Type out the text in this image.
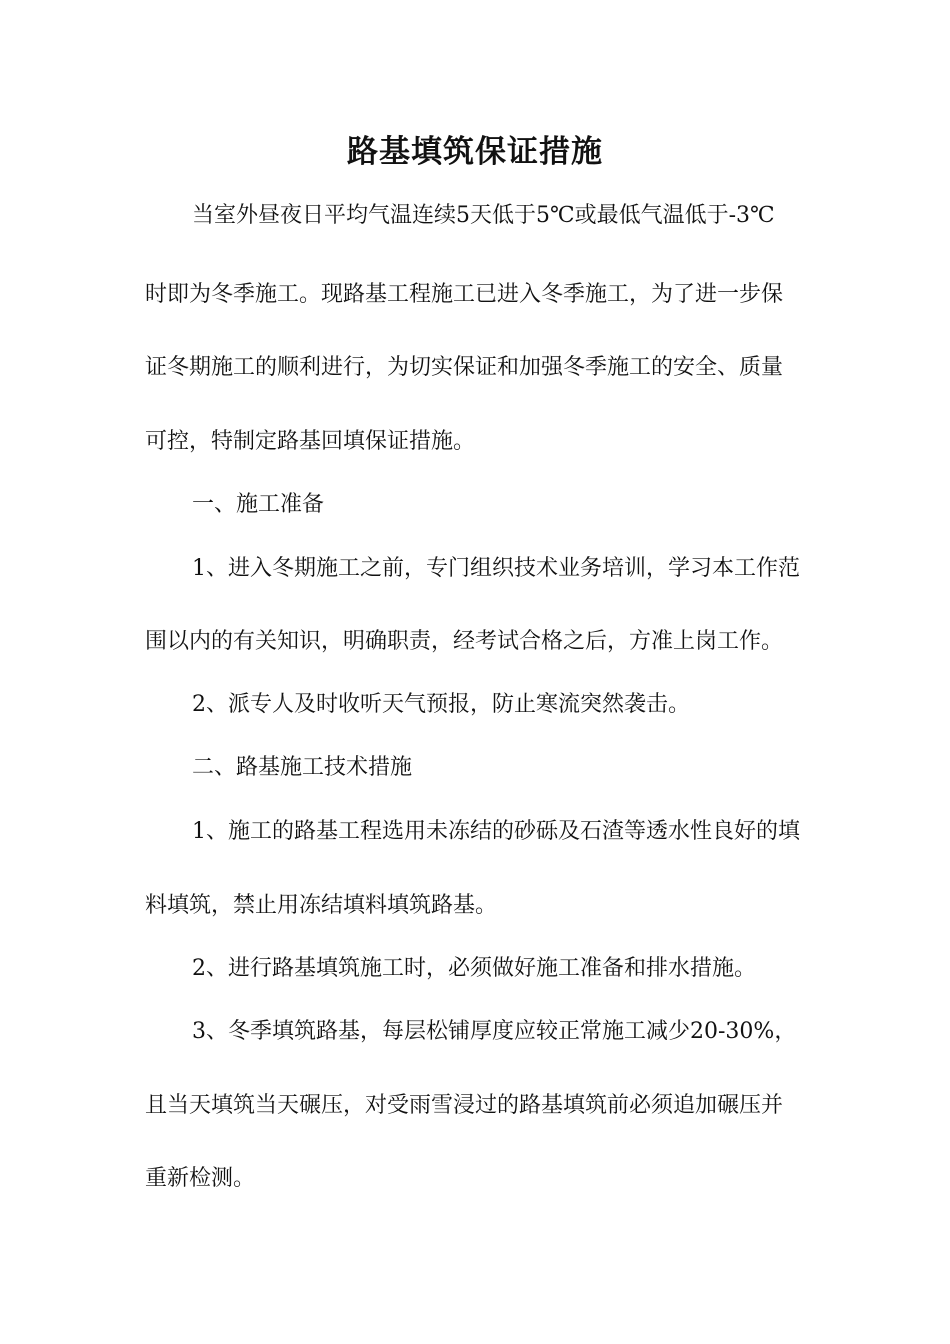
路基填筑保证措施
当室外昼夜日平均气温连续5天低于5℃或最低气温低于-3℃
时即为冬季施工。现路基工程施工已进入冬季施工，为了进一步保
证冬期施工的顺利进行，为切实保证和加强冬季施工的安全、质量
可控，特制定路基回填保证措施。
一、施工准备
1、进入冬期施工之前，专门组织技术业务培训，学习本工作范
围以内的有关知识，明确职责，经考试合格之后，方准上岗工作。
2、派专人及时收听天气预报，防止寒流突然袭击。
二、路基施工技术措施
1、施工的路基工程选用未冻结的砂砾及石渣等透水性良好的填
料填筑，禁止用冻结填料填筑路基。
2、进行路基填筑施工时，必须做好施工准备和排水措施。
3、冬季填筑路基，每层松铺厚度应较正常施工减少20-30%，
且当天填筑当天碾压，对受雨雪浸过的路基填筑前必须追加碾压并
重新检测。
